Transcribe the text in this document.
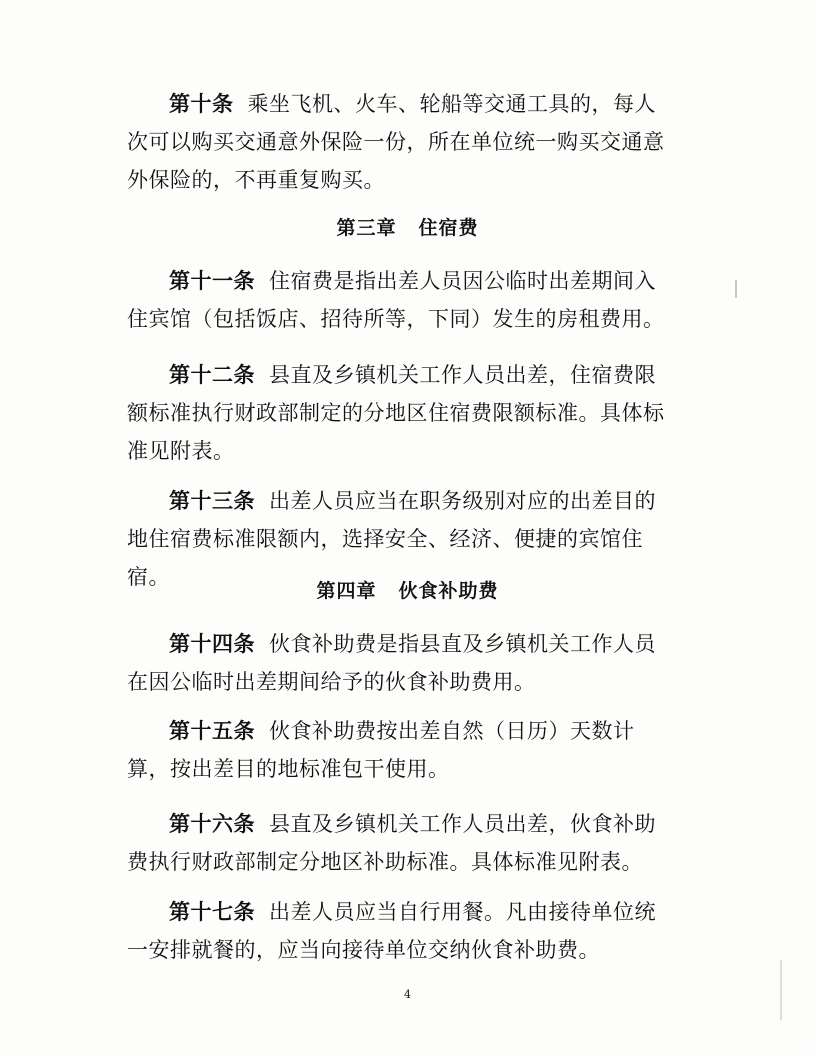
第十条 乘坐飞机、火车、轮船等交通工具的，每人次可以购买交通意外保险一份，所在单位统一购买交通意外保险的，不再重复购买。

第三章 住宿费

第十一条 住宿费是指出差人员因公临时出差期间入住宾馆（包括饭店、招待所等，下同）发生的房租费用。

第十二条 县直及乡镇机关工作人员出差，住宿费限额标准执行财政部制定的分地区住宿费限额标准。具体标准见附表。

第十三条 出差人员应当在职务级别对应的出差目的地住宿费标准限额内，选择安全、经济、便捷的宾馆住宿。

第四章 伙食补助费

第十四条 伙食补助费是指县直及乡镇机关工作人员在因公临时出差期间给予的伙食补助费用。

第十五条 伙食补助费按出差自然（日历）天数计算，按出差目的地标准包干使用。

第十六条 县直及乡镇机关工作人员出差，伙食补助费执行财政部制定分地区补助标准。具体标准见附表。

第十七条 出差人员应当自行用餐。凡由接待单位统一安排就餐的，应当向接待单位交纳伙食补助费。

4
